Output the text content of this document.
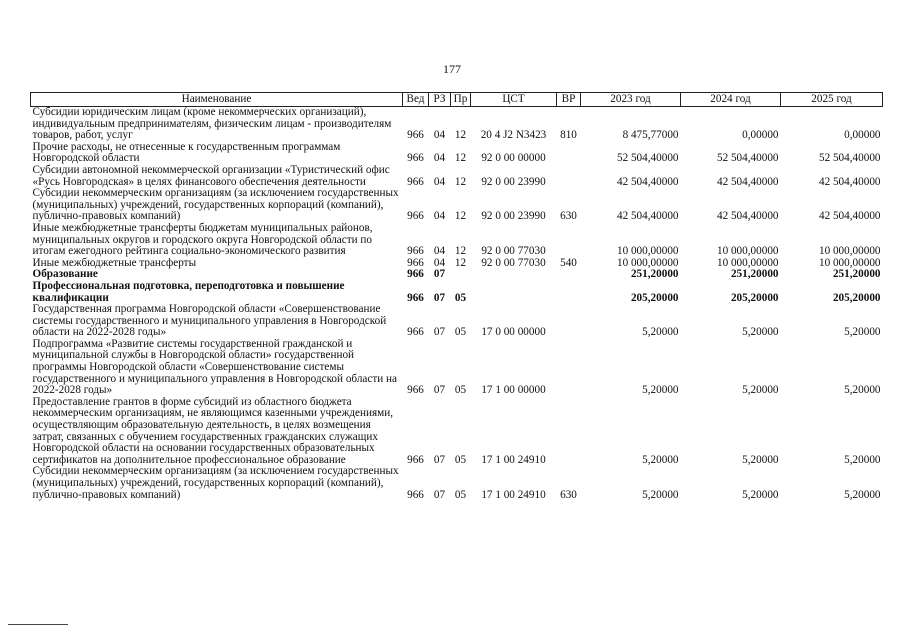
177
Наименование	Вед	РЗ	Пр	ЦСТ	ВР	2023 год	2024 год	2025 год
Субсидии юридическим лицам (кроме некоммерческих организаций), индивидуальным предпринимателям, физическим лицам - производителям товаров, работ, услуг	966	04	12	20 4 J2 N3423	810	8 475,77000	0,00000	0,00000
Прочие расходы, не отнесенные к государственным программам Новгородской области	966	04	12	92 0 00 00000		52 504,40000	52 504,40000	52 504,40000
Субсидии автономной некоммерческой организации «Туристический офис «Русь Новгородская» в целях финансового обеспечения деятельности	966	04	12	92 0 00 23990		42 504,40000	42 504,40000	42 504,40000
Субсидии некоммерческим организациям (за исключением государственных (муниципальных) учреждений, государственных корпораций (компаний), публично-правовых компаний)	966	04	12	92 0 00 23990	630	42 504,40000	42 504,40000	42 504,40000
Иные межбюджетные трансферты бюджетам муниципальных районов, муниципальных округов и городского округа Новгородской области по итогам ежегодного рейтинга социально-экономического развития	966	04	12	92 0 00 77030		10 000,00000	10 000,00000	10 000,00000
Иные межбюджетные трансферты	966	04	12	92 0 00 77030	540	10 000,00000	10 000,00000	10 000,00000
Образование	966	07				251,20000	251,20000	251,20000
Профессиональная подготовка, переподготовка и повышение квалификации	966	07	05			205,20000	205,20000	205,20000
Государственная программа Новгородской области «Совершенствование системы государственного и муниципального управления в Новгородской области на 2022-2028 годы»	966	07	05	17 0 00 00000		5,20000	5,20000	5,20000
Подпрограмма «Развитие системы государственной гражданской и муниципальной службы в Новгородской области» государственной программы Новгородской области «Совершенствование системы государственного и муниципального управления в Новгородской области на 2022-2028 годы»	966	07	05	17 1 00 00000		5,20000	5,20000	5,20000
Предоставление грантов в форме субсидий из областного бюджета некоммерческим организациям, не являющимся казенными учреждениями, осуществляющим образовательную деятельность, в целях возмещения затрат, связанных с обучением государственных гражданских служащих Новгородской области на основании государственных образовательных сертификатов на дополнительное профессиональное образование	966	07	05	17 1 00 24910		5,20000	5,20000	5,20000
Субсидии некоммерческим организациям (за исключением государственных (муниципальных) учреждений, государственных корпораций (компаний), публично-правовых компаний)	966	07	05	17 1 00 24910	630	5,20000	5,20000	5,20000
